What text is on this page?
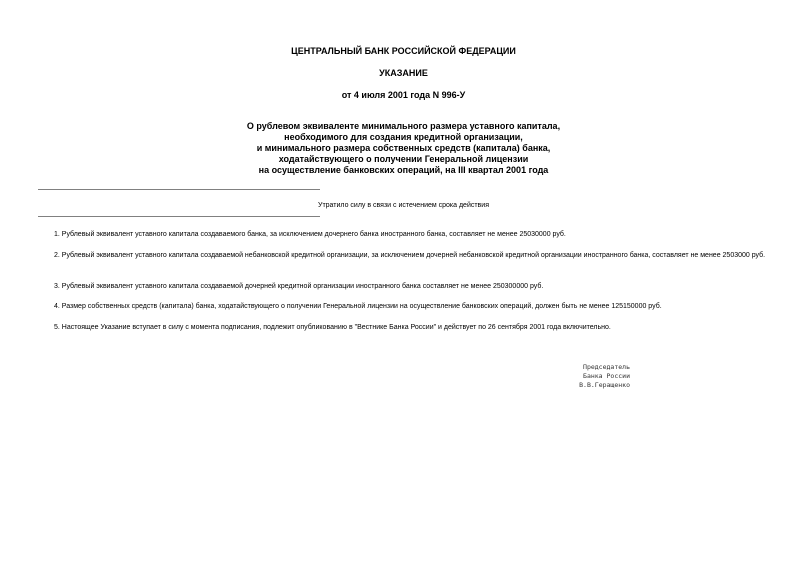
ЦЕНТРАЛЬНЫЙ БАНК РОССИЙСКОЙ ФЕДЕРАЦИИ
УКАЗАНИЕ
от 4 июля 2001 года N 996-У
О рублевом эквиваленте минимального размера уставного капитала,
необходимого для создания кредитной организации,
и минимального размера собственных средств (капитала) банка,
ходатайствующего о получении Генеральной лицензии
на осуществление банковских операций, на III квартал 2001 года
Утратило силу в связи с истечением срока действия

1. Рублевый эквивалент уставного капитала создаваемого банка, за исключением дочернего банка иностранного банка, составляет не менее 25030000 руб.

2. Рублевый эквивалент уставного капитала создаваемой небанковской кредитной организации, за исключением дочерней небанковской кредитной организации иностранного банка, составляет не менее 2503000 руб.

3. Рублевый эквивалент уставного капитала создаваемой дочерней кредитной организации иностранного банка составляет не менее 250300000 руб.

4. Размер собственных средств (капитала) банка, ходатайствующего о получении Генеральной лицензии на осуществление банковских операций, должен быть не менее 125150000 руб.

5. Настоящее Указание вступает в силу с момента подписания, подлежит опубликованию в "Вестнике Банка России" и действует по 26 сентября 2001 года включительно.

Председатель
Банка России
В.В.Геращенко
